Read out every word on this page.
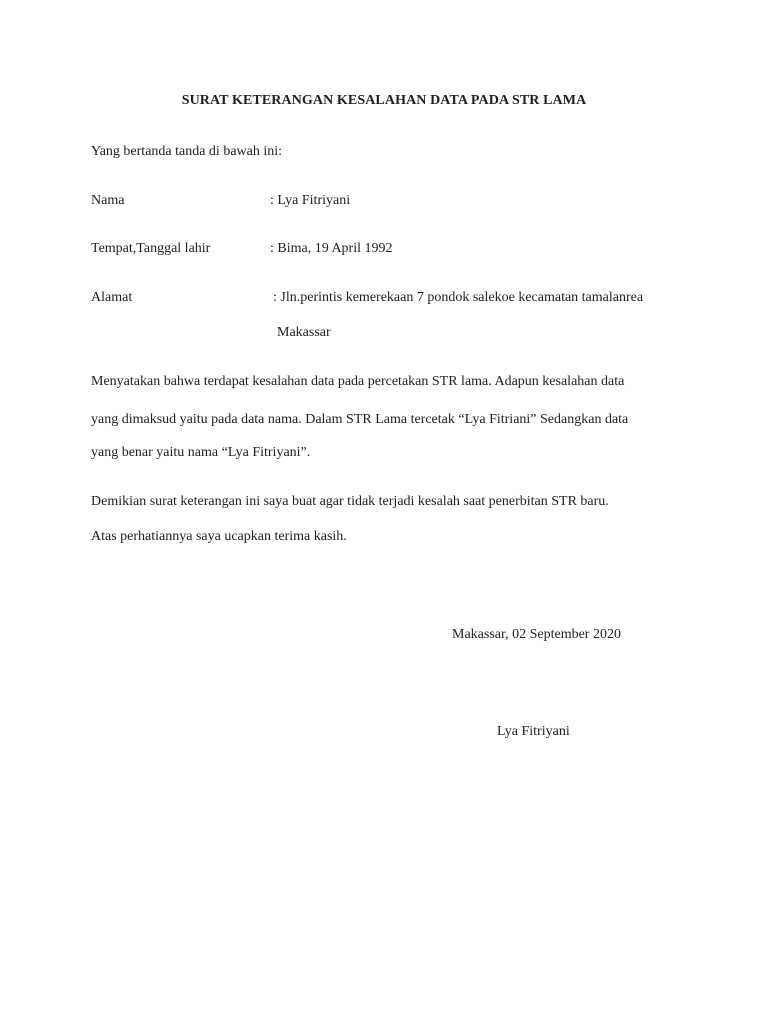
SURAT KETERANGAN KESALAHAN DATA PADA STR LAMA
Yang bertanda tanda di bawah ini:
Nama	: Lya Fitriyani
Tempat,Tanggal lahir	: Bima, 19 April 1992
Alamat	: Jln.perintis kemerekaan 7 pondok salekoe kecamatan tamalanrea
Makassar
Menyatakan bahwa terdapat kesalahan data pada percetakan STR lama. Adapun kesalahan data
yang dimaksud yaitu pada data nama. Dalam STR Lama tercetak “Lya Fitriani” Sedangkan data
yang benar yaitu nama “Lya Fitriyani”.
Demikian surat keterangan ini saya buat agar tidak terjadi kesalah saat penerbitan STR baru.
Atas perhatiannya saya ucapkan terima kasih.
Makassar, 02 September 2020
Lya Fitriyani
